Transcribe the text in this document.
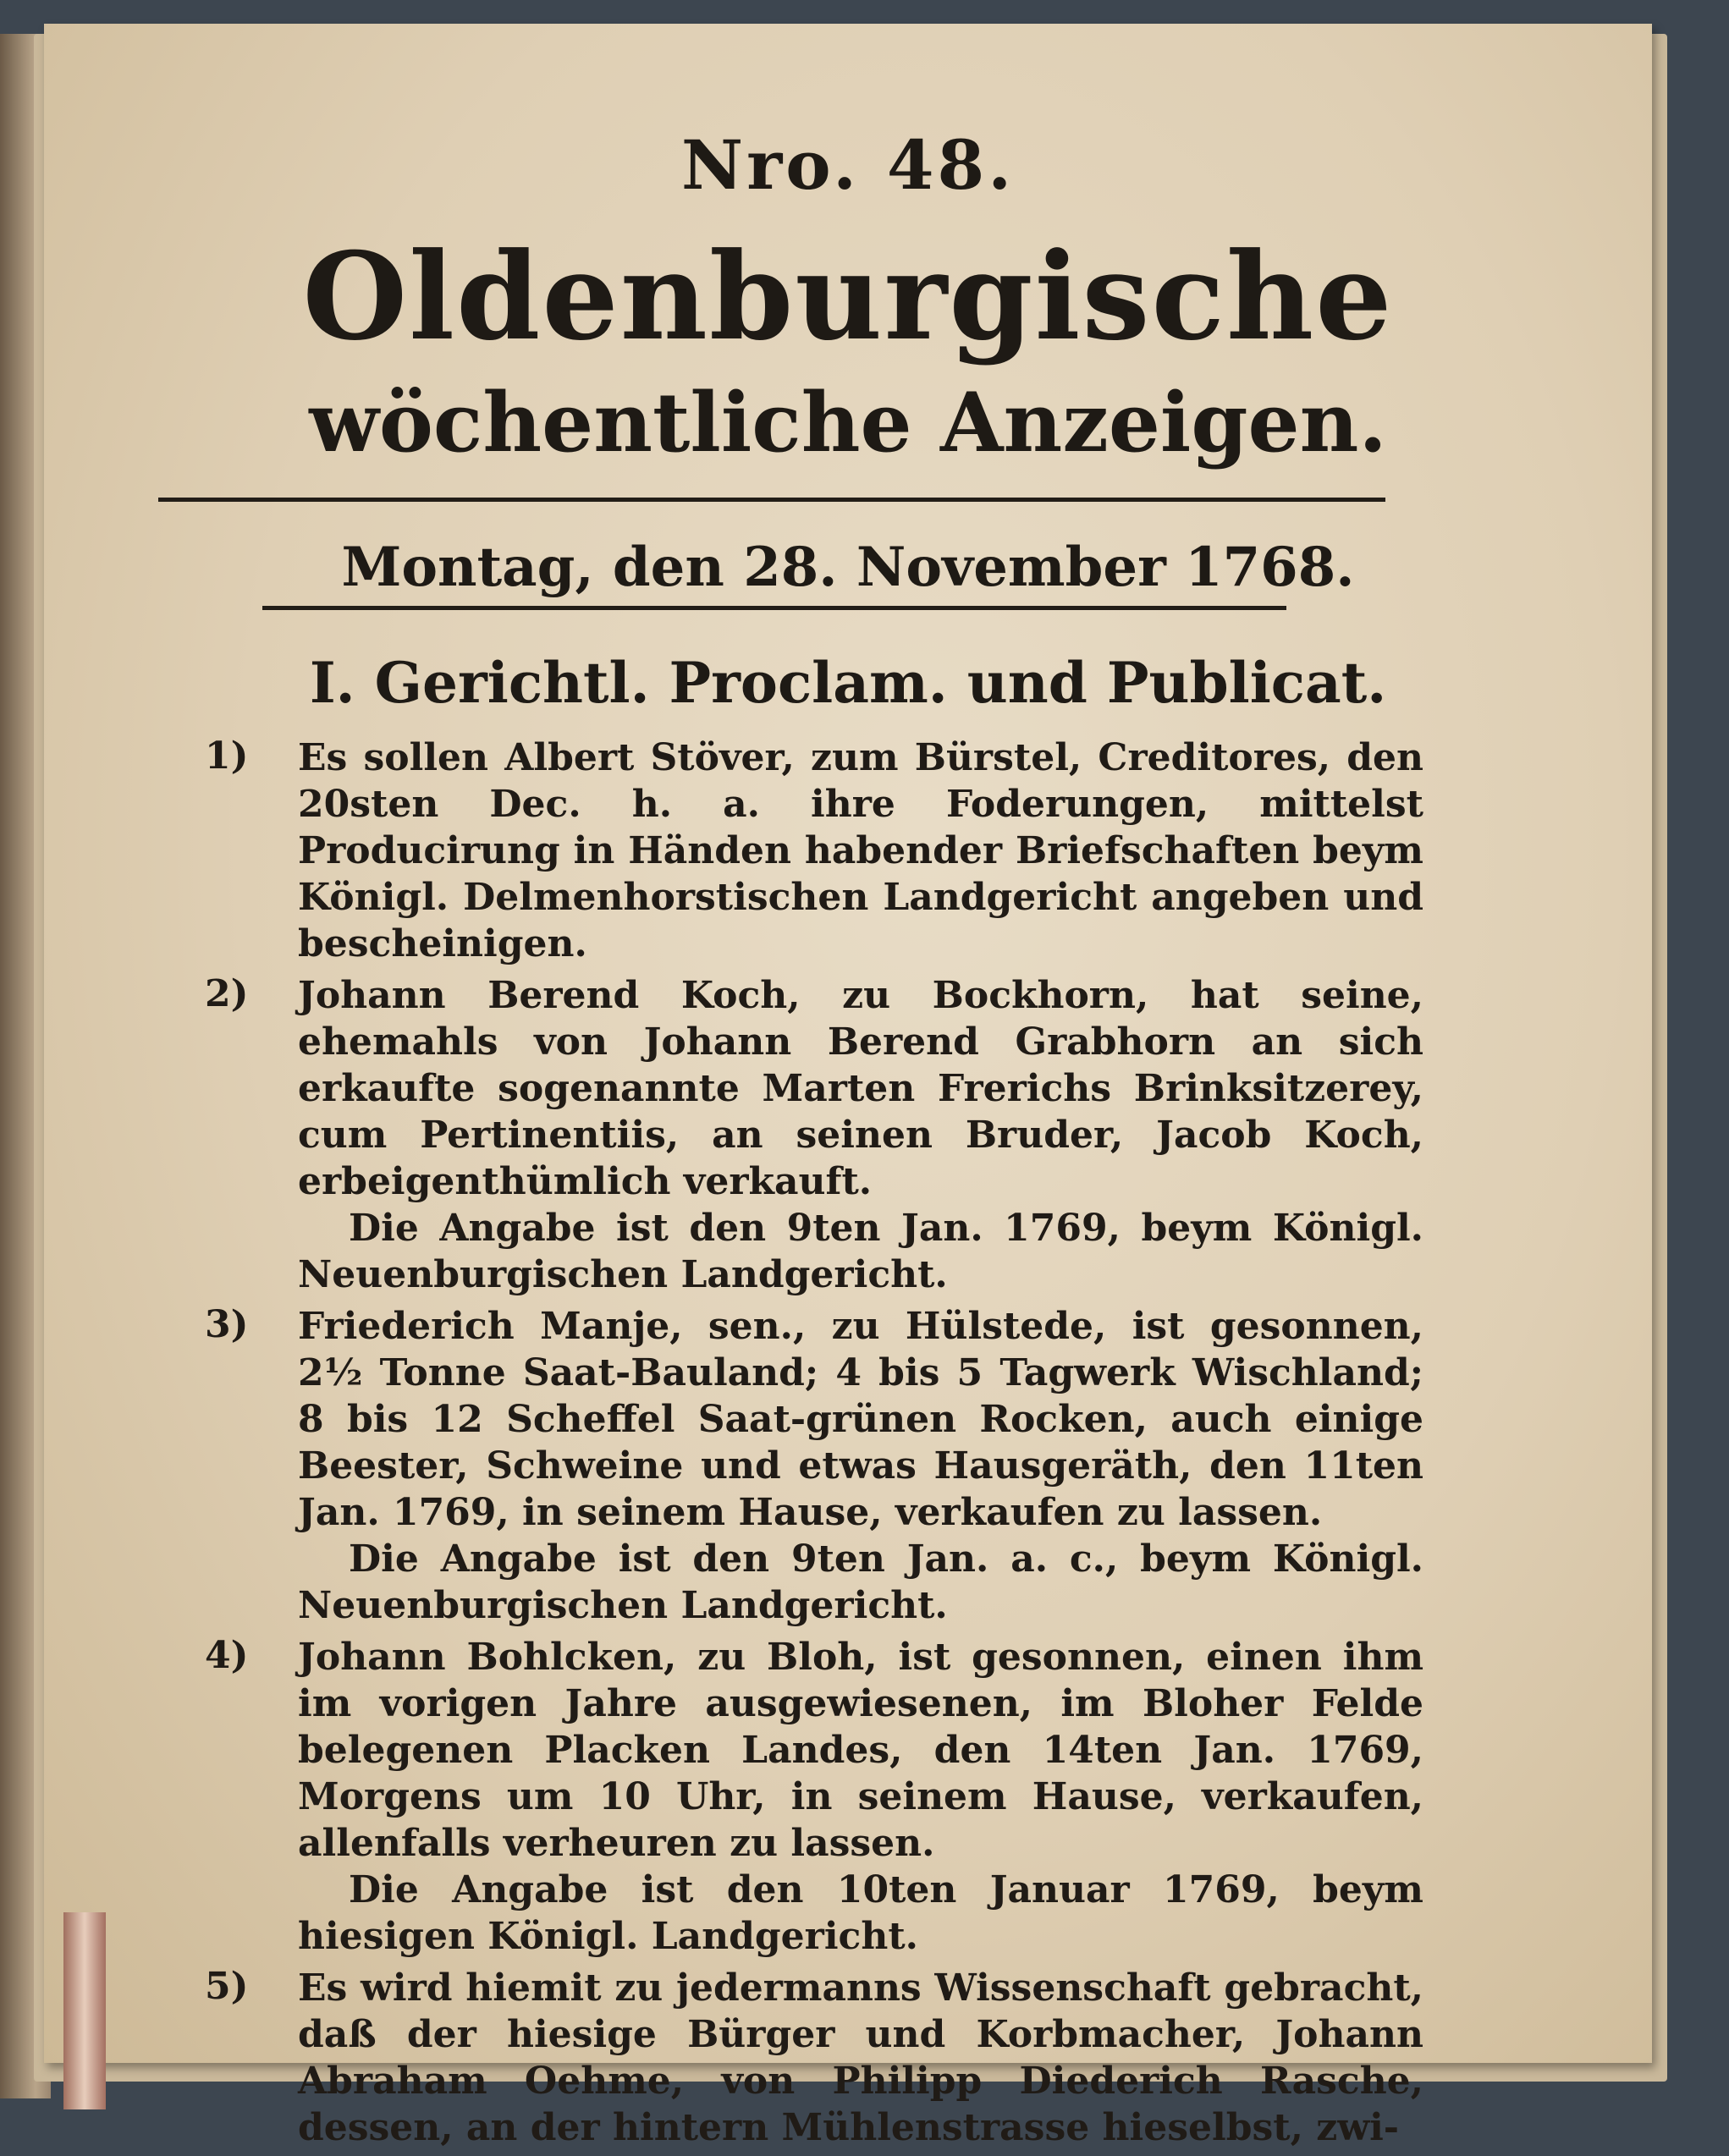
Nro. 48.
Oldenburgische
wöchentliche Anzeigen.
Montag, den 28. November 1768.
I. Gerichtl. Proclam. und Publicat.
1) Es sollen Albert Stöver, zum Bürstel, Creditores, den 20sten Dec. h. a. ihre Foderungen, mittelst Producirung in Händen habender Briefschaften beym Königl. Delmenhorstischen Landgericht angeben und bescheinigen.
2) Johann Berend Koch, zu Bockhorn, hat seine, ehemahls von Johann Berend Grabhorn an sich erkaufte sogenannte Marten Frerichs Brinksitzerey, cum Pertinentiis, an seinen Bruder, Jacob Koch, erbeigenthümlich verkauft.
Die Angabe ist den 9ten Jan. 1769, beym Königl. Neuenburgischen Landgericht.
3) Friederich Manje, sen., zu Hülstede, ist gesonnen, 2½ Tonne Saat-Bauland; 4 bis 5 Tagwerk Wischland; 8 bis 12 Scheffel Saat-grünen Rocken, auch einige Beester, Schweine und etwas Hausgeräth, den 11ten Jan. 1769, in seinem Hause, verkaufen zu lassen.
Die Angabe ist den 9ten Jan. a. c., beym Königl. Neuenburgischen Landgericht.
4) Johann Bohlcken, zu Bloh, ist gesonnen, einen ihm im vorigen Jahre ausgewiesenen, im Bloher Felde belegenen Placken Landes, den 14ten Jan. 1769, Morgens um 10 Uhr, in seinem Hause, verkaufen, allenfalls verheuren zu lassen.
Die Angabe ist den 10ten Januar 1769, beym hiesigen Königl. Landgericht.
5) Es wird hiemit zu jedermanns Wissenschaft gebracht, daß der hiesige Bürger und Korbmacher, Johann Abraham Oehme, von Philipp Diederich Rasche, dessen, an der hintern Mühlenstrasse hieselbst, zwi-
